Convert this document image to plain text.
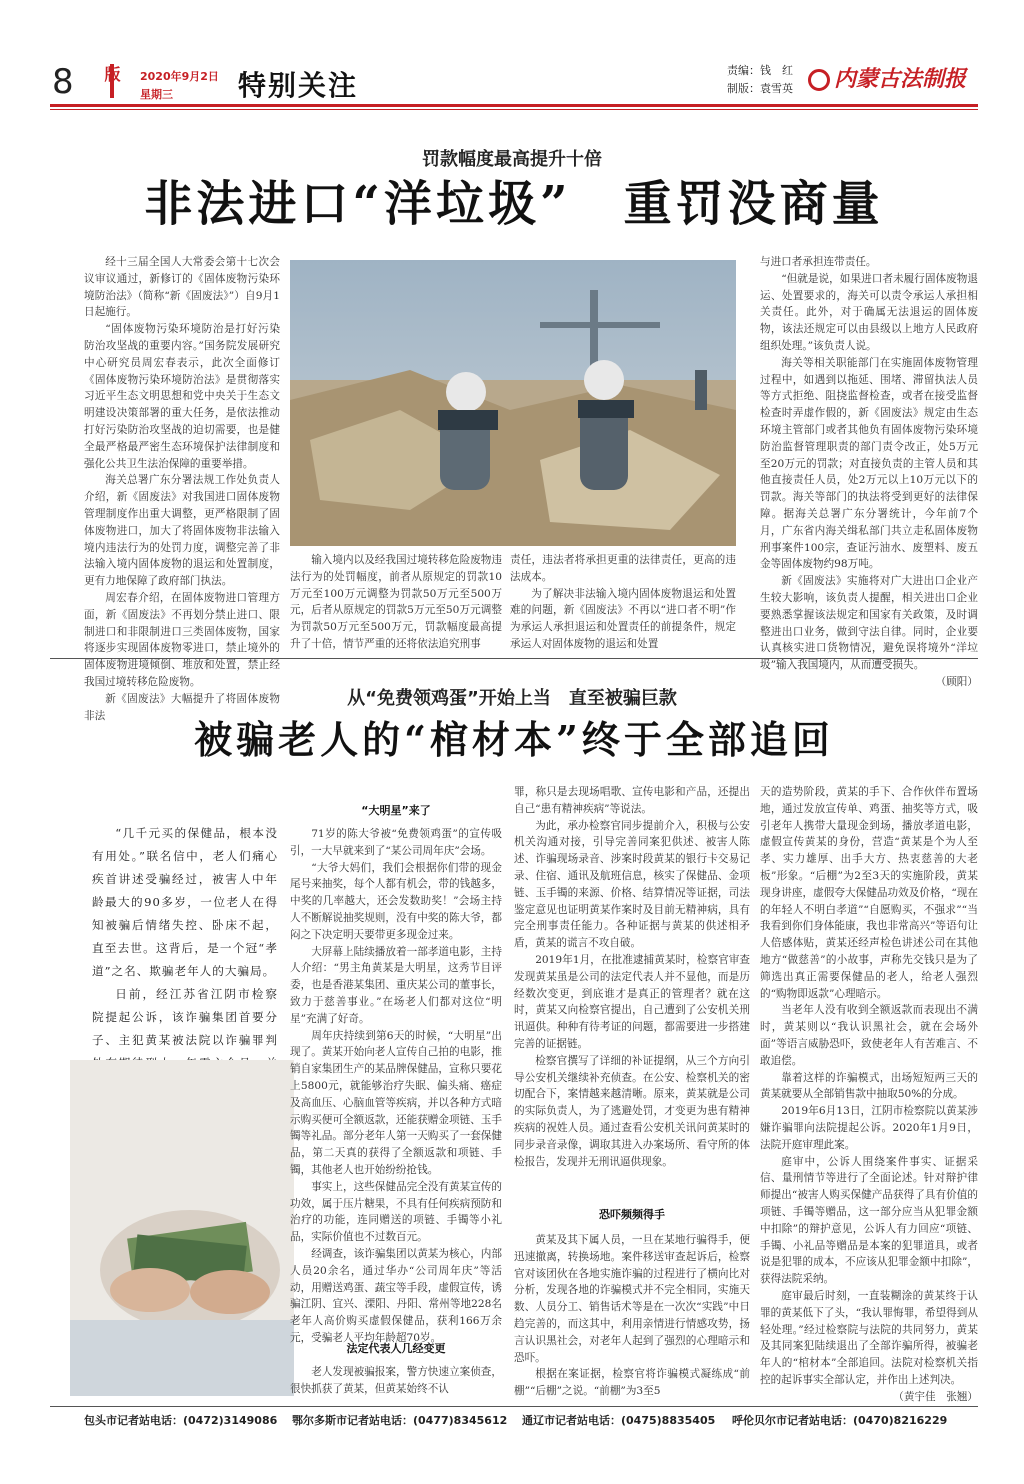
8	2020年9月2日
星期三	特别关注	责编：钱　红
制版：袁雪英	内蒙古法制报
罚款幅度最高提升十倍
非法进口“洋垃圾”　重罚没商量

经十三届全国人大常委会第十七次会议审议通过，新修订的《固体废物污染环境防治法》（简称“新《固废法》”）自9月1日起施行。

“固体废物污染环境防治是打好污染防治攻坚战的重要内容。”国务院发展研究中心研究员周宏春表示，此次全面修订《固体废物污染环境防治法》是贯彻落实习近平生态文明思想和党中央关于生态文明建设决策部署的重大任务，是依法推动打好污染防治攻坚战的迫切需要，也是健全最严格最严密生态环境保护法律制度和强化公共卫生法治保障的重要举措。

海关总署广东分署法规工作处负责人介绍，新《固废法》对我国进口固体废物管理制度作出重大调整，更严格限制了固体废物进口，加大了将固体废物非法输入境内违法行为的处罚力度，调整完善了非法输入境内固体废物的退运和处置制度，更有力地保障了政府部门执法。

周宏春介绍，在固体废物进口管理方面，新《固废法》不再划分禁止进口、限制进口和非限制进口三类固体废物，国家将逐步实现固体废物零进口，禁止境外的固体废物进境倾倒、堆放和处置，禁止经我国过境转移危险废物。

新《固废法》大幅提升了将固体废物非法

输入境内以及经我国过境转移危险废物违法行为的处罚幅度，前者从原规定的罚款10万元至100万元调整为罚款50万元至500万元，后者从原规定的罚款5万元至50万元调整为罚款50万元至500万元，罚款幅度最高提升了十倍，情节严重的还将依法追究刑事

责任，违法者将承担更重的法律责任，更高的违法成本。

为了解决非法输入境内固体废物退运和处置难的问题，新《固废法》不再以“进口者不明”作为承运人承担退运和处置责任的前提条件，规定承运人对固体废物的退运和处置

与进口者承担连带责任。

“但就是说，如果进口者未履行固体废物退运、处置要求的，海关可以责令承运人承担相关责任。此外，对于确属无法退运的固体废物，该法还规定可以由县级以上地方人民政府组织处理。”该负责人说。

海关等相关职能部门在实施固体废物管理过程中，如遇到以拖延、围堵、滞留执法人员等方式拒绝、阻挠监督检查，或者在接受监督检查时弄虚作假的，新《固废法》规定由生态环境主管部门或者其他负有固体废物污染环境防治监督管理职责的部门责令改正，处5万元至20万元的罚款；对直接负责的主管人员和其他直接责任人员，处2万元以上10万元以下的罚款。海关等部门的执法将受到更好的法律保障。据海关总署广东分署统计，今年前7个月，广东省内海关缉私部门共立走私固体废物刑事案件100宗，查证污油水、废塑料、废五金等固体废物约98万吨。

新《固废法》实施将对广大进出口企业产生较大影响，该负责人提醒，相关进出口企业要熟悉掌握该法规定和国家有关政策，及时调整进出口业务，做到守法自律。同时，企业要认真核实进口货物情况，避免误将境外“洋垃圾”输入我国境内，从而遭受损失。

（顾阳）
从“免费领鸡蛋”开始上当　直至被骗巨款
被骗老人的“棺材本”终于全部追回

“几千元买的保健品，根本没有用处。”联名信中，老人们痛心疾首讲述受骗经过，被害人中年龄最大的90多岁，一位老人在得知被骗后情绪失控、卧床不起，直至去世。这背后，是一个冠“孝道”之名、欺骗老年人的大骗局。

日前，经江苏省江阴市检察院提起公诉，该诈骗集团首要分子、主犯黄某被法院以诈骗罪判

“大明星”来了

71岁的陈大爷被“免费领鸡蛋”的宣传吸引，一大早就来到了“某公司周年庆”会场。

“大爷大妈们，我们会根据你们带的现金尾号来抽奖，每个人都有机会，带的钱越多，中奖的几率越大，还会发数助奖！”会场主持人不断解说抽奖规则，没有中奖的陈大爷，都闷之下决定明天要带更多现金过来。

大屏幕上陆续播放着一部孝道电影，主持人介绍：“男主角黄某是大明星，这秀节目评委，也是香港某集团、重庆某公司的董事长，致力于慈善事业。”在场老人们都对这位“明星”充满了好奇。

周年庆持续到第6天的时候，“大明星”出现了。黄某开始向老人宣传自己拍的电影，推销自家集团生产的某品牌保健品，宣称只要花上5800元，就能够治疗失眠、偏头痛、癌症及高血压、心脑血管等疾病，并以各种方式暗示购买便可全额返款，还能获赠金项链、玉手镯等礼品。部分老年人第一天购买了一套保健品，第二天真的获得了全额返款和项链、手镯，其他老人也开始纷纷抢钱。

事实上，这些保健品完全没有黄某宣传的功效，属于压片糖果，不具有任何疾病预防和治疗的功能，连同赠送的项链、手镯等小礼品，实际价值也不过数百元。

经调查，该诈骗集团以黄某为核心，内部人员20余名，通过华办“公司周年庆”等活动，用赠送鸡蛋、蔬宝等手段，虚假宣传，诱骗江阴、宜兴、溧阳、丹阳、常州等地228名老年人高价购买虚假保健品，获利166万余元，受骗老人平均年龄超70岁。

法定代表人几经变更

老人发现被骗报案，警方快速立案侦查，很快抓获了黄某，但黄某始终不认

罪，称只是去现场唱歌、宣传电影和产品，还提出自己“患有精神疾病”等说法。

为此，承办检察官同步提前介入，积极与公安机关沟通对接，引导完善同案犯供述、被害人陈述、诈骗现场录音、涉案时段黄某的银行卡交易记录、住宿、通讯及航班信息，核实了保健品、金项链、玉手镯的来源、价格、结算情况等证据，司法鉴定意见也证明黄某作案时及目前无精神病，具有完全刑事责任能力。各种证据与黄某的供述相矛盾，黄某的谎言不攻自破。

2019年1月，在批准逮捕黄某时，检察官审查发现黄某虽是公司的法定代表人并不显他，而是历经数次变更，到底谁才是真正的管理者？就在这时，黄某又向检察官提出，自己遭到了公安机关刑讯逼供。种种有待考证的问题，都需要进一步搭建完善的证据链。

检察官撰写了详细的补证提纲，从三个方向引导公安机关继续补充侦查。在公安、检察机关的密切配合下，案情越来越清晰。原来，黄某就是公司的实际负责人，为了逃避处罚，才变更为患有精神疾病的祝姓人员。通过查看公安机关讯问黄某时的同步录音录像，调取其进入办案场所、看守所的体检报告，发现并无刑讯逼供现象。

恐吓频频得手

黄某及其下属人员，一旦在某地行骗得手，便迅速撤离，转换场地。案件移送审查起诉后，检察官对该团伙在各地实施诈骗的过程进行了横向比对分析，发现各地的诈骗模式并不完全相同，实施天数、人员分工、销售话术等是在一次次“实践”中日趋完善的，而这其中，利用亲情进行情感攻势，扬言认识黑社会，对老年人起到了强烈的心理暗示和恐吓。

根据在案证据，检察官将诈骗模式凝练成“前棚”“后棚”之说。“前棚”为3至5

天的造势阶段，黄某的手下、合作伙伴布置场地，通过发放宣传单、鸡蛋、抽奖等方式，吸引老年人携带大量现金到场，播放孝道电影，虚假宣传黄某的身份，营造“黄某是个为人至孝、实力雄厚、出手大方、热衷慈善的大老板”形象。“后棚”为2至3天的实施阶段，黄某现身讲座，虚假夸大保健品功效及价格，“现在的年轻人不明白孝道”“自愿购买，不强求”“当我看到你们身体能康，我也非常高兴”等语句让人倍感体贴，黄某还经声检色讲述公司在其他地方“做慈善”的小故事，声称先交钱只是为了筛选出真正需要保健品的老人，给老人强烈的“购物即返款”心理暗示。

当老年人没有收到全额返款而表现出不满时，黄某则以“我认识黑社会，就在会场外面”等语言威胁恐吓，致使老年人有苦难言、不敢追偿。

靠着这样的诈骗模式，出场短短两三天的黄某就要从全部销售款中抽取50%的分成。

2019年6月13日，江阴市检察院以黄某涉嫌诈骗罪向法院提起公诉。2020年1月9日，法院开庭审理此案。

庭审中，公诉人围绕案件事实、证据采信、量刑情节等进行了全面论述。针对辩护律师提出“被害人购买保健产品获得了具有价值的项链、手镯等赠品，这一部分应当从犯罪金额中扣除”的辩护意见，公诉人有力回应“项链、手镯、小礼品等赠品是本案的犯罪道具，或者说是犯罪的成本，不应该从犯罪金额中扣除”，获得法院采纳。

庭审最后时刻，一直装糊涂的黄某终于认罪的黄某低下了头，“我认罪悔罪，希望得到从轻处理。”经过检察院与法院的共同努力，黄某及其同案犯陆续退出了全部诈骗所得，被骗老年人的“棺材本”全部追回。法院对检察机关指控的起诉事实全部认定，并作出上述判决。

（黄宇佳　张翘）
包头市记者站电话：(0472)3149086 鄂尔多斯市记者站电话：(0477)8345612 通辽市记者站电话：(0475)8835405 呼伦贝尔市记者站电话：(0470)8216229
